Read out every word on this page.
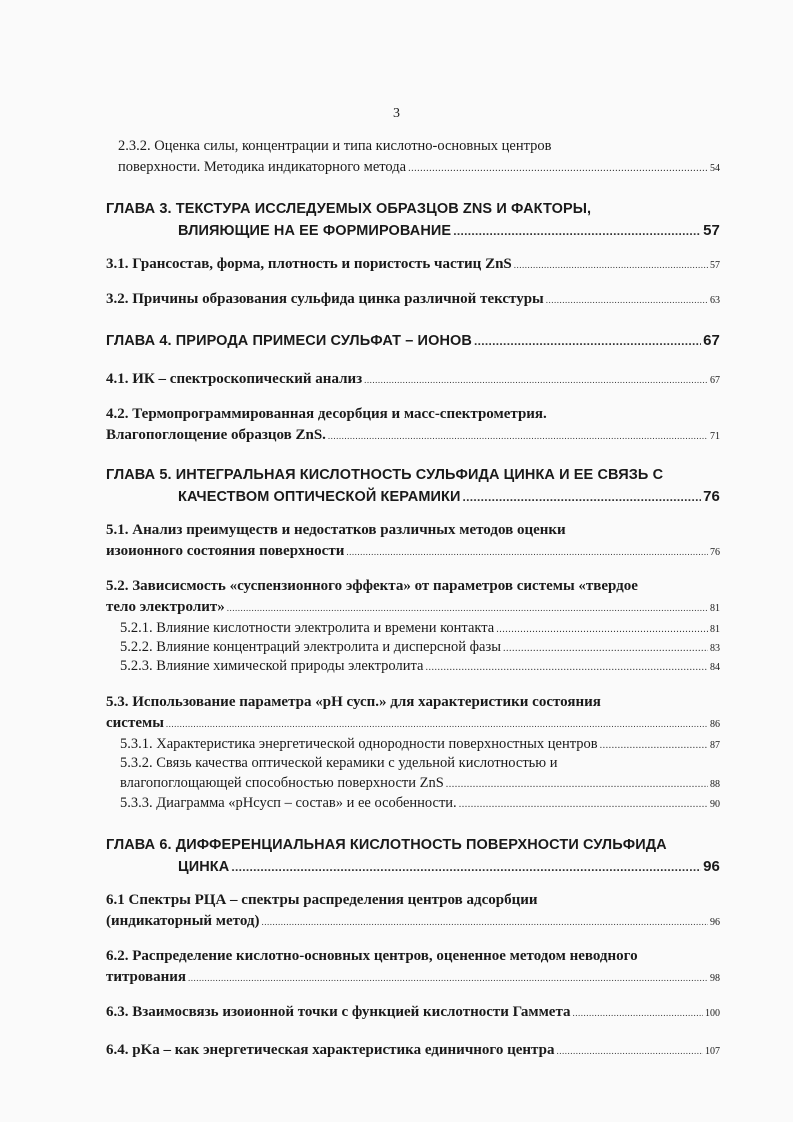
3
2.3.2. Оценка силы, концентрации и типа кислотно-основных центров
поверхности. Методика индикаторного метода .....	54
ГЛАВА 3. ТЕКСТУРА ИССЛЕДУЕМЫХ ОБРАЗЦОВ ZNS И ФАКТОРЫ,
ВЛИЯЮЩИЕ НА ЕЕ ФОРМИРОВАНИЕ .....	57
3.1. Грансостав, форма, плотность и пористость частиц ZnS .....	57
3.2. Причины образования сульфида цинка различной текстуры .....	63
ГЛАВА 4. ПРИРОДА ПРИМЕСИ СУЛЬФАТ – ИОНОВ .....	67
4.1. ИК – спектроскопический анализ .....	67
4.2. Термопрограммированная десорбция и масс-спектрометрия.
Влагопоглощение образцов ZnS. .....	71
ГЛАВА 5. ИНТЕГРАЛЬНАЯ КИСЛОТНОСТЬ СУЛЬФИДА ЦИНКА И ЕЕ СВЯЗЬ С
КАЧЕСТВОМ ОПТИЧЕСКОЙ КЕРАМИКИ .....	76
5.1. Анализ преимуществ и недостатков различных методов оценки
изоионного состояния поверхности .....	76
5.2. Зависисмость «суспензионного эффекта» от параметров системы «твердое
тело электролит» .....	81
5.2.1. Влияние кислотности электролита и времени контакта .....	81
5.2.2. Влияние концентраций электролита и дисперсной фазы .....	83
5.2.3. Влияние химической природы электролита .....	84
5.3. Использование параметра «pH сусп.» для характеристики состояния
системы .....	86
5.3.1. Характеристика энергетической однородности поверхностных центров .....	87
5.3.2. Связь качества оптической керамики с удельной кислотностью и
влагопоглощающей способностью поверхности ZnS .....	88
5.3.3. Диаграмма «pHсусп – состав» и ее особенности. .....	90
ГЛАВА 6. ДИФФЕРЕНЦИАЛЬНАЯ КИСЛОТНОСТЬ ПОВЕРХНОСТИ СУЛЬФИДА
ЦИНКА .....	96
6.1 Спектры РЦА – спектры распределения центров адсорбции
(индикаторный метод) .....	96
6.2. Распределение кислотно-основных центров, оцененное методом неводного
титрования .....	98
6.3. Взаимосвязь изоионной точки с функцией кислотности Гаммета .....	100
6.4. pKa – как энергетическая характеристика единичного центра .....	107
